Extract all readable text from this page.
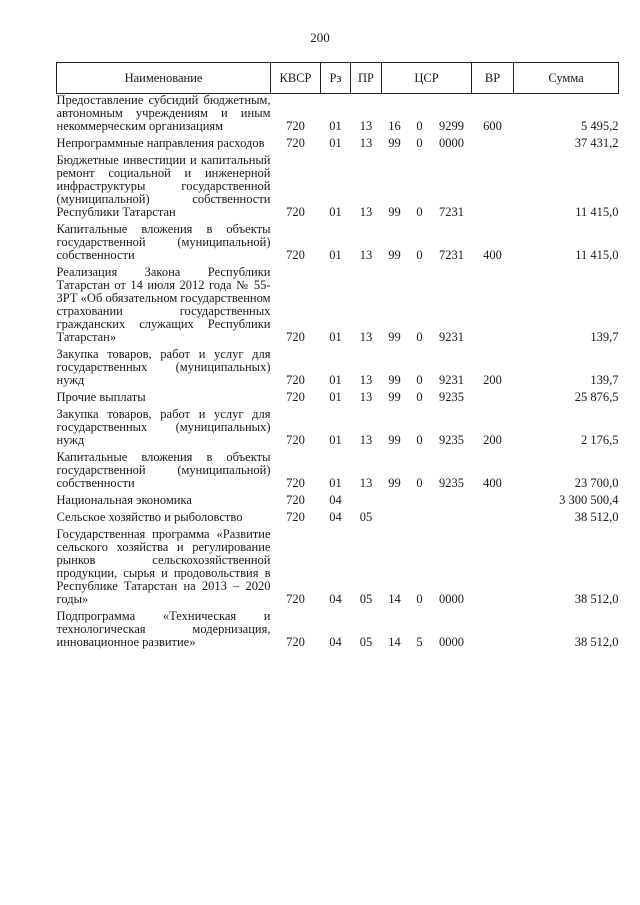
200
Наименование	КВСР	Рз	ПР	ЦСР			ВР	Сумма
Предоставление субсидий бюджетным, автономным учреждениям и иным некоммерческим организациям	720	01	13	16	0	9299	600	5 495,2

Непрограммные направления расходов	720	01	13	99	0	0000		37 431,2

Бюджетные инвестиции и капитальный ремонт социальной и инженерной инфраструктуры государственной (муниципальной) собственности Республики Татарстан	720	01	13	99	0	7231		11 415,0

Капитальные вложения в объекты государственной (муниципальной) собственности	720	01	13	99	0	7231	400	11 415,0

Реализация Закона Республики Татарстан от 14 июля 2012 года № 55-ЗРТ «Об обязательном государственном страховании государственных гражданских служащих Республики Татарстан»	720	01	13	99	0	9231		139,7

Закупка товаров, работ и услуг для государственных (муниципальных) нужд	720	01	13	99	0	9231	200	139,7

Прочие выплаты	720	01	13	99	0	9235		25 876,5

Закупка товаров, работ и услуг для государственных (муниципальных) нужд	720	01	13	99	0	9235	200	2 176,5

Капитальные вложения в объекты государственной (муниципальной) собственности	720	01	13	99	0	9235	400	23 700,0

Национальная экономика	720	04						3 300 500,4

Сельское хозяйство и рыболовство	720	04	05					38 512,0

Государственная программа «Развитие сельского хозяйства и регулирование рынков сельскохозяйственной продукции, сырья и продовольствия в Республике Татарстан на 2013 – 2020 годы»	720	04	05	14	0	0000		38 512,0

Подпрограмма «Техническая и технологическая модернизация, инновационное развитие»	720	04	05	14	5	0000		38 512,0
